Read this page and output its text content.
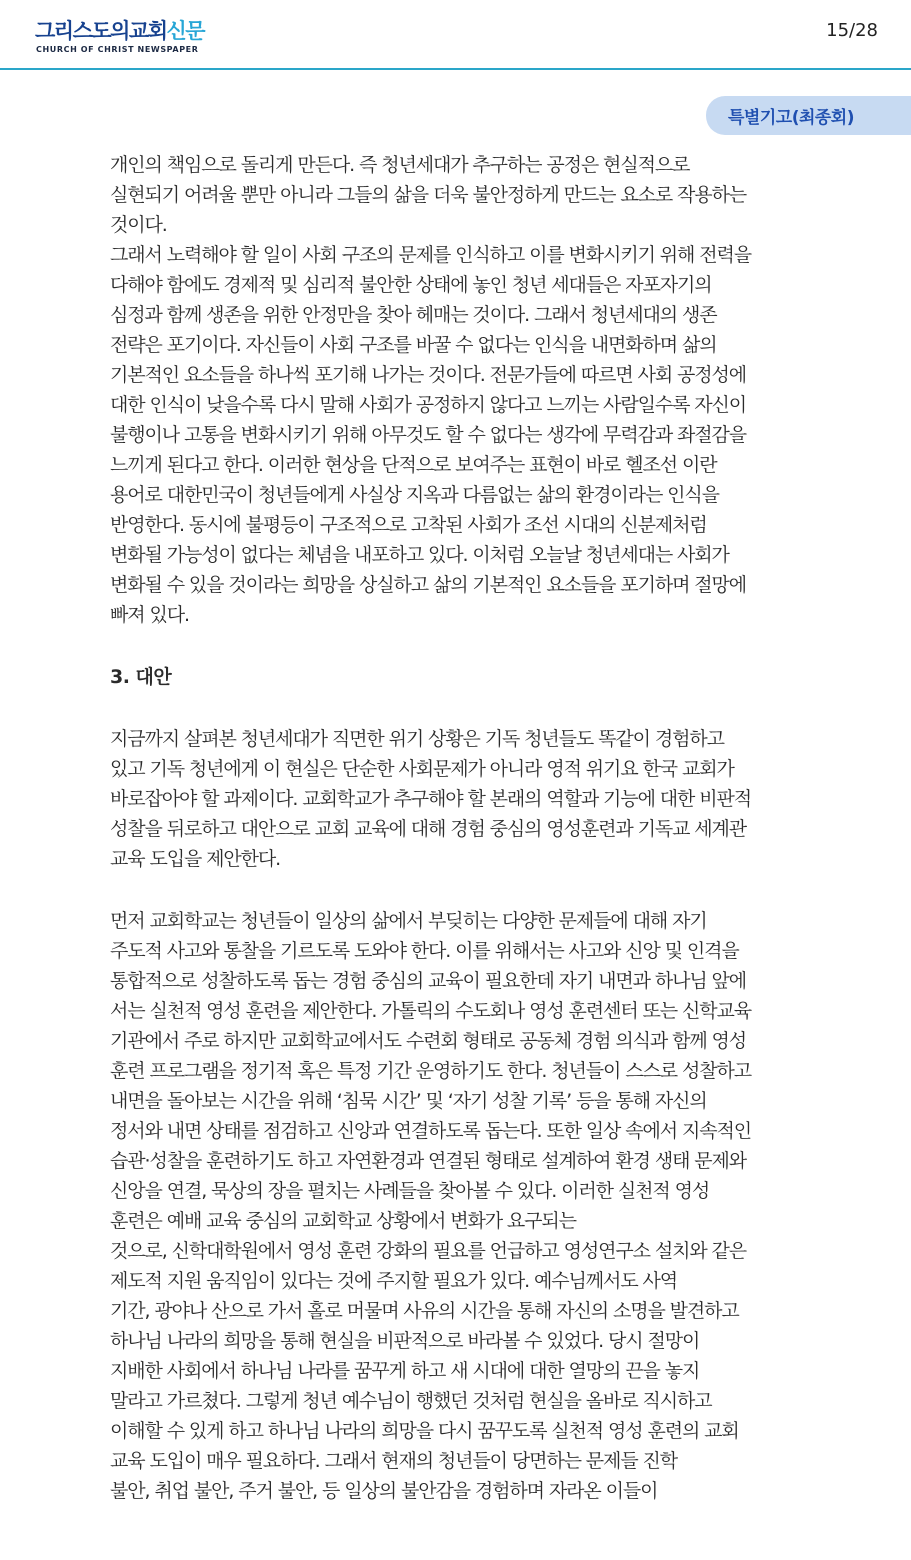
그리스도의교회신문
CHURCH OF CHRIST NEWSPAPER
15/28
특별기고(최종회)
개인의 책임으로 돌리게 만든다. 즉 청년세대가 추구하는 공정은 현실적으로
실현되기 어려울 뿐만 아니라 그들의 삶을 더욱 불안정하게 만드는 요소로 작용하는
것이다.
그래서 노력해야 할 일이 사회 구조의 문제를 인식하고 이를 변화시키기 위해 전력을
다해야 함에도 경제적 및 심리적 불안한 상태에 놓인 청년 세대들은 자포자기의
심정과 함께 생존을 위한 안정만을 찾아 헤매는 것이다. 그래서 청년세대의 생존
전략은 포기이다. 자신들이 사회 구조를 바꿀 수 없다는 인식을 내면화하며 삶의
기본적인 요소들을 하나씩 포기해 나가는 것이다. 전문가들에 따르면 사회 공정성에
대한 인식이 낮을수록 다시 말해 사회가 공정하지 않다고 느끼는 사람일수록 자신이
불행이나 고통을 변화시키기 위해 아무것도 할 수 없다는 생각에 무력감과 좌절감을
느끼게 된다고 한다. 이러한 현상을 단적으로 보여주는 표현이 바로 헬조선 이란
용어로 대한민국이 청년들에게 사실상 지옥과 다름없는 삶의 환경이라는 인식을
반영한다. 동시에 불평등이 구조적으로 고착된 사회가 조선 시대의 신분제처럼
변화될 가능성이 없다는 체념을 내포하고 있다. 이처럼 오늘날 청년세대는 사회가
변화될 수 있을 것이라는 희망을 상실하고 삶의 기본적인 요소들을 포기하며 절망에
빠져 있다.
3. 대안
지금까지 살펴본 청년세대가 직면한 위기 상황은 기독 청년들도 똑같이 경험하고
있고 기독 청년에게 이 현실은 단순한 사회문제가 아니라 영적 위기요 한국 교회가
바로잡아야 할 과제이다. 교회학교가 추구해야 할 본래의 역할과 기능에 대한 비판적
성찰을 뒤로하고 대안으로 교회 교육에 대해 경험 중심의 영성훈련과 기독교 세계관
교육 도입을 제안한다.
먼저 교회학교는 청년들이 일상의 삶에서 부딪히는 다양한 문제들에 대해 자기
주도적 사고와 통찰을 기르도록 도와야 한다. 이를 위해서는 사고와 신앙 및 인격을
통합적으로 성찰하도록 돕는 경험 중심의 교육이 필요한데 자기 내면과 하나님 앞에
서는 실천적 영성 훈련을 제안한다. 가톨릭의 수도회나 영성 훈련센터 또는 신학교육
기관에서 주로 하지만 교회학교에서도 수련회 형태로 공동체 경험 의식과 함께 영성
훈련 프로그램을 정기적 혹은 특정 기간 운영하기도 한다. 청년들이 스스로 성찰하고
내면을 돌아보는 시간을 위해 ‘침묵 시간’ 및 ‘자기 성찰 기록’ 등을 통해 자신의
정서와 내면 상태를 점검하고 신앙과 연결하도록 돕는다. 또한 일상 속에서 지속적인
습관·성찰을 훈련하기도 하고 자연환경과 연결된 형태로 설계하여 환경 생태 문제와
신앙을 연결, 묵상의 장을 펼치는 사례들을 찾아볼 수 있다. 이러한 실천적 영성
훈련은 예배 교육 중심의 교회학교 상황에서 변화가 요구되는
것으로, 신학대학원에서 영성 훈련 강화의 필요를 언급하고 영성연구소 설치와 같은
제도적 지원 움직임이 있다는 것에 주지할 필요가 있다. 예수님께서도 사역
기간, 광야나 산으로 가서 홀로 머물며 사유의 시간을 통해 자신의 소명을 발견하고
하나님 나라의 희망을 통해 현실을 비판적으로 바라볼 수 있었다. 당시 절망이
지배한 사회에서 하나님 나라를 꿈꾸게 하고 새 시대에 대한 열망의 끈을 놓지
말라고 가르쳤다. 그렇게 청년 예수님이 행했던 것처럼 현실을 올바로 직시하고
이해할 수 있게 하고 하나님 나라의 희망을 다시 꿈꾸도록 실천적 영성 훈련의 교회
교육 도입이 매우 필요하다. 그래서 현재의 청년들이 당면하는 문제들 진학
불안, 취업 불안, 주거 불안, 등 일상의 불안감을 경험하며 자라온 이들이
